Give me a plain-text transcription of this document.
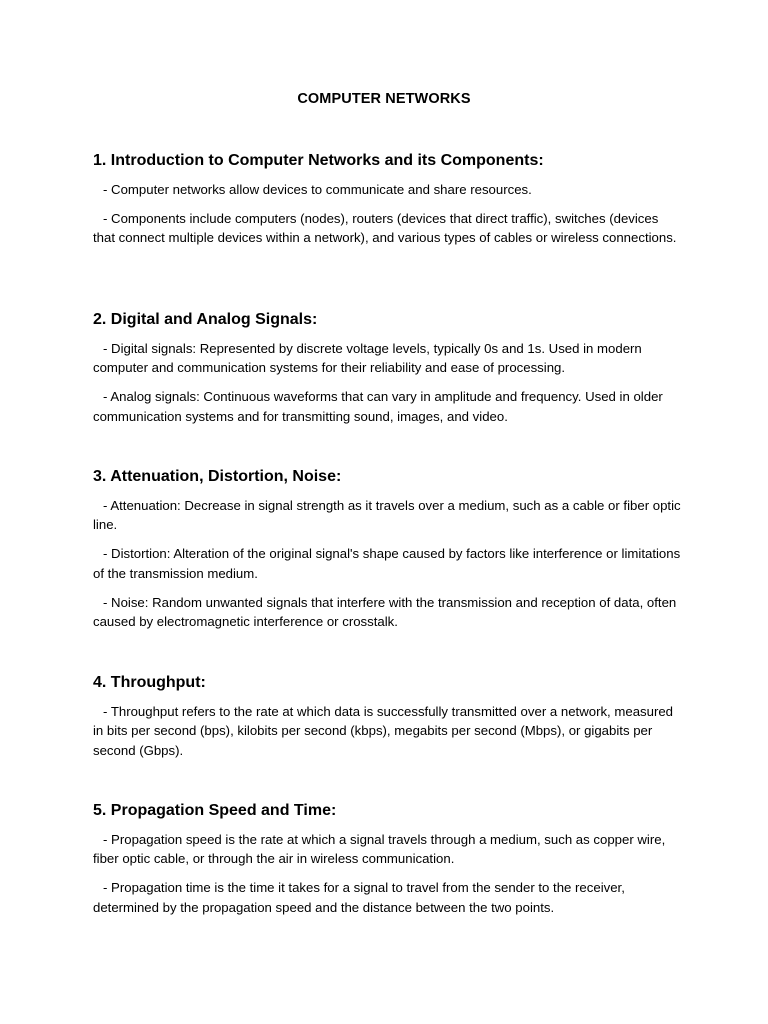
COMPUTER NETWORKS
1. Introduction to Computer Networks and its Components:

- Computer networks allow devices to communicate and share resources.

- Components include computers (nodes), routers (devices that direct traffic), switches (devices that connect multiple devices within a network), and various types of cables or wireless connections.

2. Digital and Analog Signals:

- Digital signals: Represented by discrete voltage levels, typically 0s and 1s. Used in modern computer and communication systems for their reliability and ease of processing.

- Analog signals: Continuous waveforms that can vary in amplitude and frequency. Used in older communication systems and for transmitting sound, images, and video.

3. Attenuation, Distortion, Noise:

- Attenuation: Decrease in signal strength as it travels over a medium, such as a cable or fiber optic line.

- Distortion: Alteration of the original signal's shape caused by factors like interference or limitations of the transmission medium.

- Noise: Random unwanted signals that interfere with the transmission and reception of data, often caused by electromagnetic interference or crosstalk.

4. Throughput:

- Throughput refers to the rate at which data is successfully transmitted over a network, measured in bits per second (bps), kilobits per second (kbps), megabits per second (Mbps), or gigabits per second (Gbps).

5. Propagation Speed and Time:

- Propagation speed is the rate at which a signal travels through a medium, such as copper wire, fiber optic cable, or through the air in wireless communication.

- Propagation time is the time it takes for a signal to travel from the sender to the receiver, determined by the propagation speed and the distance between the two points.
